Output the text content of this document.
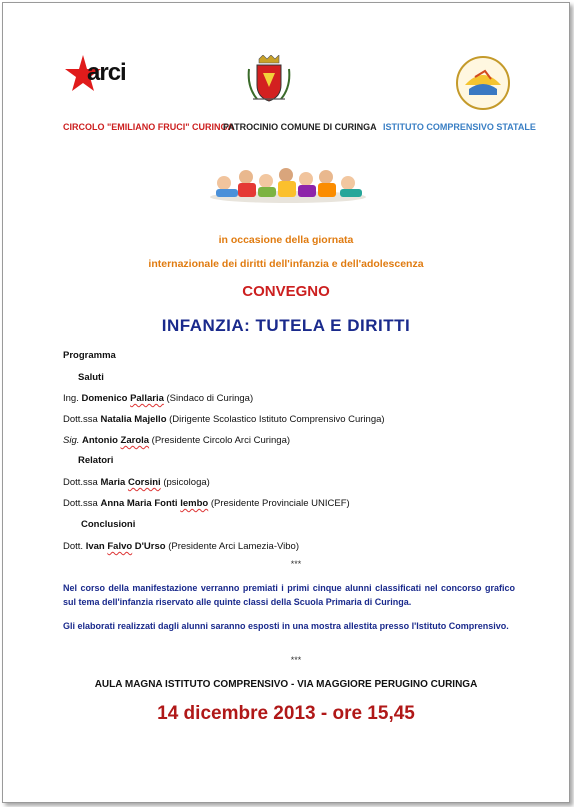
arci
CIRCOLO "EMILIANO FRUCI" CURINGA
PATROCINIO COMUNE DI CURINGA ISTITUTO COMPRENSIVO STATALE
in occasione della giornata
internazionale dei diritti dell'infanzia e dell'adolescenza
CONVEGNO
INFANZIA: TUTELA E DIRITTI
Programma
Saluti
Ing. Domenico Pallaria (Sindaco di Curinga)
Dott.ssa Natalia Majello (Dirigente Scolastico Istituto Comprensivo Curinga)
Sig. Antonio Zarola (Presidente Circolo Arci Curinga)
Relatori
Dott.ssa Maria Corsini (psicologa)
Dott.ssa Anna Maria Fonti Iembo (Presidente Provinciale UNICEF)
Conclusioni
Dott. Ivan Falvo D'Urso (Presidente Arci Lamezia-Vibo)
***
Nel corso della manifestazione verranno premiati i primi cinque alunni classificati nel concorso grafico sul tema dell'infanzia riservato alle quinte classi della Scuola Primaria di Curinga.
Gli elaborati realizzati dagli alunni saranno esposti in una mostra allestita presso l'Istituto Comprensivo.
***
AULA MAGNA ISTITUTO COMPRENSIVO - VIA MAGGIORE PERUGINO CURINGA
14 dicembre 2013 - ore 15,45
